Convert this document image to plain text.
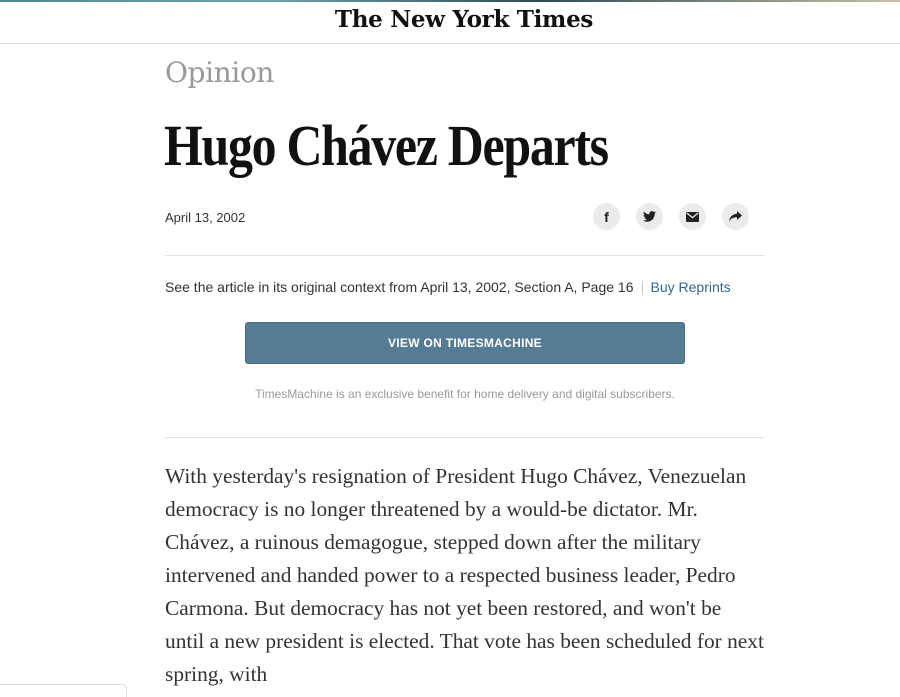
The New York Times
Opinion
Hugo Chávez Departs
April 13, 2002	f
See the article in its original context from April 13, 2002, Section A, Page 16 Buy Reprints
VIEW ON TIMESMACHINE
TimesMachine is an exclusive benefit for home delivery and digital subscribers.
With yesterday's resignation of President Hugo Chávez, Venezuelan democracy is no longer threatened by a would-be dictator. Mr. Chávez, a ruinous demagogue, stepped down after the military intervened and handed power to a respected business leader, Pedro Carmona. But democracy has not yet been restored, and won't be until a new president is elected. That vote has been scheduled for next spring, with
